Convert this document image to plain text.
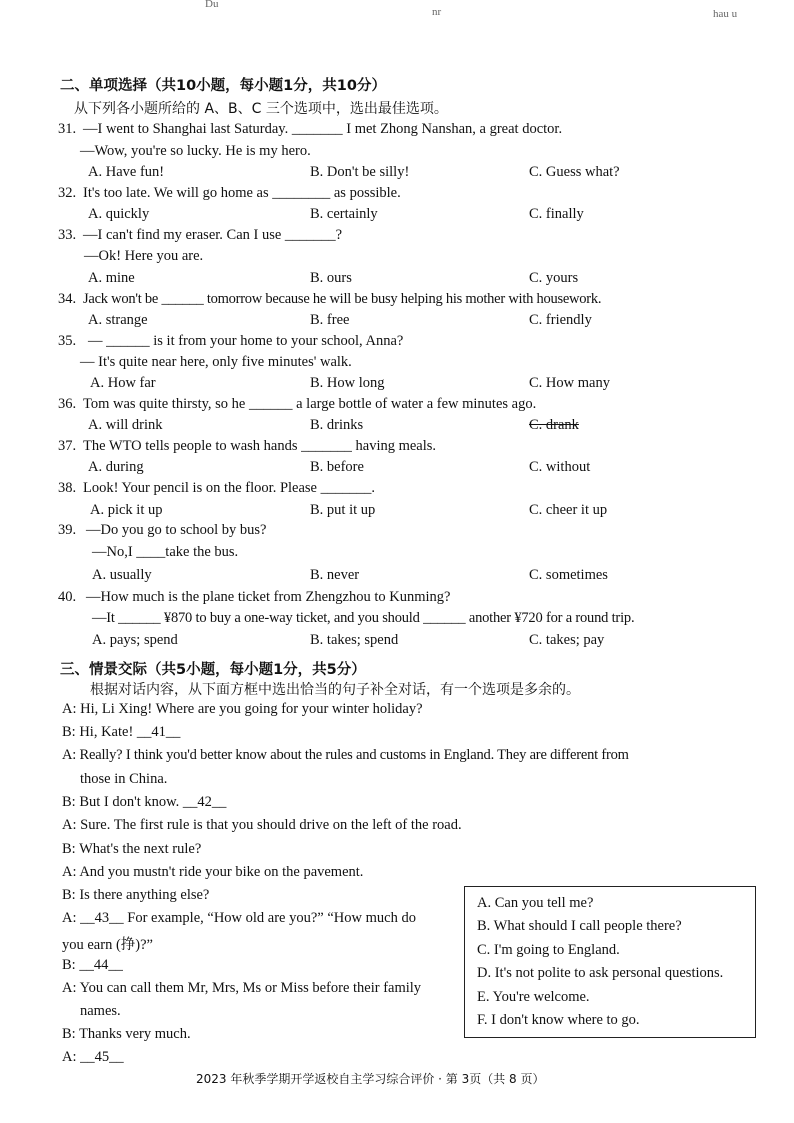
Du
nr	hau u
二、单项选择（共10小题，每小题1分，共10分）
从下列各小题所给的 A、B、C 三个选项中，选出最佳选项。
31. —I went to Shanghai last Saturday. _______ I met Zhong Nanshan, a great doctor.
—Wow, you're so lucky. He is my hero.
A. Have fun!	B. Don't be silly!	C. Guess what?
32. It's too late. We will go home as ________ as possible.
A. quickly	B. certainly	C. finally
33. —I can't find my eraser. Can I use _______?
—Ok! Here you are.
A. mine	B. ours	C. yours
34. Jack won't be ______ tomorrow because he will be busy helping his mother with housework.
A. strange	B. free	C. friendly
35. — ______ is it from your home to your school, Anna?
— It's quite near here, only five minutes' walk.
A. How far	B. How long	C. How many
36. Tom was quite thirsty, so he ______ a large bottle of water a few minutes ago.
A. will drink	B. drinks	C. drank
37. The WTO tells people to wash hands _______ having meals.
A. during	B. before	C. without
38. Look! Your pencil is on the floor. Please _______.
A. pick it up	B. put it up	C. cheer it up
39. —Do you go to school by bus?
—No,I ____take the bus.
A. usually	B. never	C. sometimes
40. —How much is the plane ticket from Zhengzhou to Kunming?
—It ______ ¥870 to buy a one-way ticket, and you should ______ another ¥720 for a round trip.
A. pays; spend	B. takes; spend	C. takes; pay
三、情景交际（共5小题，每小题1分，共5分）
根据对话内容，从下面方框中选出恰当的句子补全对话，有一个选项是多余的。
A: Hi, Li Xing! Where are you going for your winter holiday?
B: Hi, Kate! __41__
A: Really? I think you'd better know about the rules and customs in England. They are different from
those in China.
B: But I don't know. __42__
A: Sure. The first rule is that you should drive on the left of the road.
B: What's the next rule?
A: And you mustn't ride your bike on the pavement.
B: Is there anything else?
A: __43__ For example, “How old are you?” “How much do
you earn (挣)?”
B: __44__
A: You can call them Mr, Mrs, Ms or Miss before their family
names.
B: Thanks very much.
A: __45__
A. Can you tell me?
B. What should I call people there?
C. I'm going to England.
D. It's not polite to ask personal questions.
E. You're welcome.
F. I don't know where to go.
2023 年秋季学期开学返校自主学习综合评价 · 第 3页（共 8 页）
